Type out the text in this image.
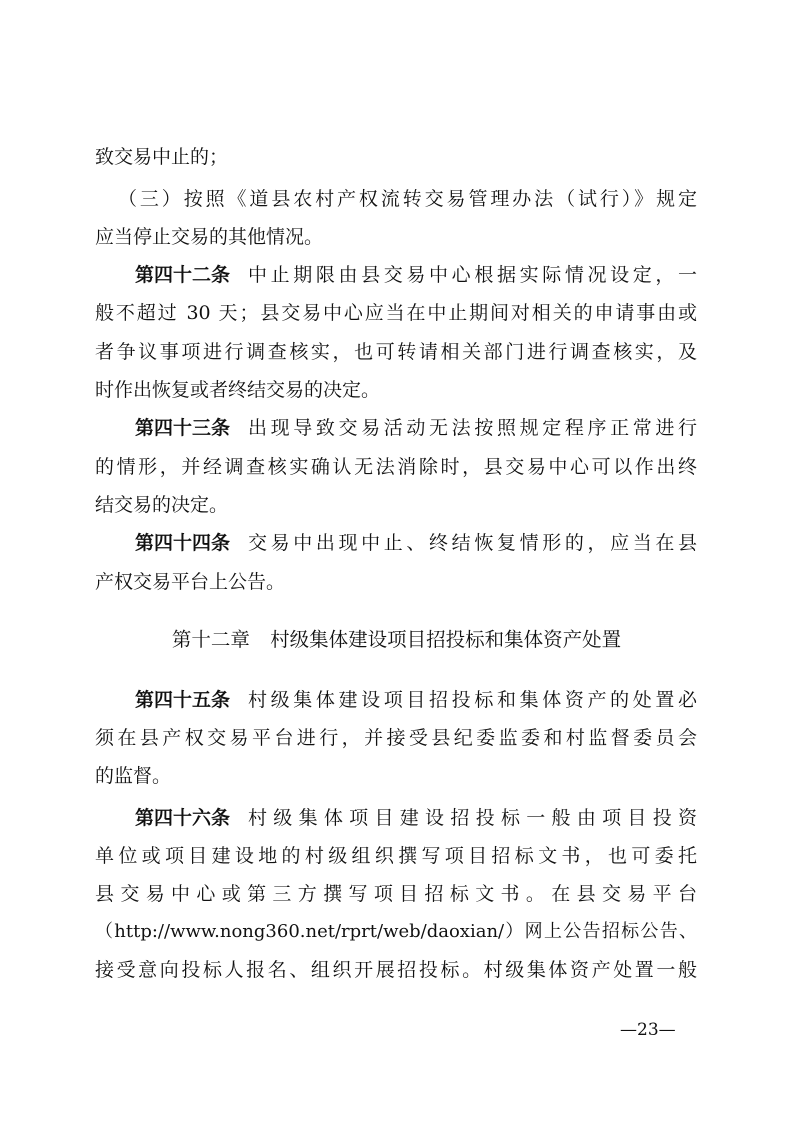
致交易中止的；
（三）按照《道县农村产权流转交易管理办法（试行）》规定
应当停止交易的其他情况。
第四十二条 中止期限由县交易中心根据实际情况设定，一
般不超过 30 天；县交易中心应当在中止期间对相关的申请事由或
者争议事项进行调查核实，也可转请相关部门进行调查核实，及
时作出恢复或者终结交易的决定。
第四十三条 出现导致交易活动无法按照规定程序正常进行
的情形，并经调查核实确认无法消除时，县交易中心可以作出终
结交易的决定。
第四十四条 交易中出现中止、终结恢复情形的，应当在县
产权交易平台上公告。
第十二章 村级集体建设项目招投标和集体资产处置
第四十五条 村级集体建设项目招投标和集体资产的处置必
须在县产权交易平台进行，并接受县纪委监委和村监督委员会
的监督。
第四十六条 村级集体项目建设招投标一般由项目投资
单位或项目建设地的村级组织撰写项目招标文书，也可委托
县交易中心或第三方撰写项目招标文书。在县交易平台
（http://www.nong360.net/rprt/web/daoxian/）网上公告招标公告、
接受意向投标人报名、组织开展招投标。村级集体资产处置一般
—23—
